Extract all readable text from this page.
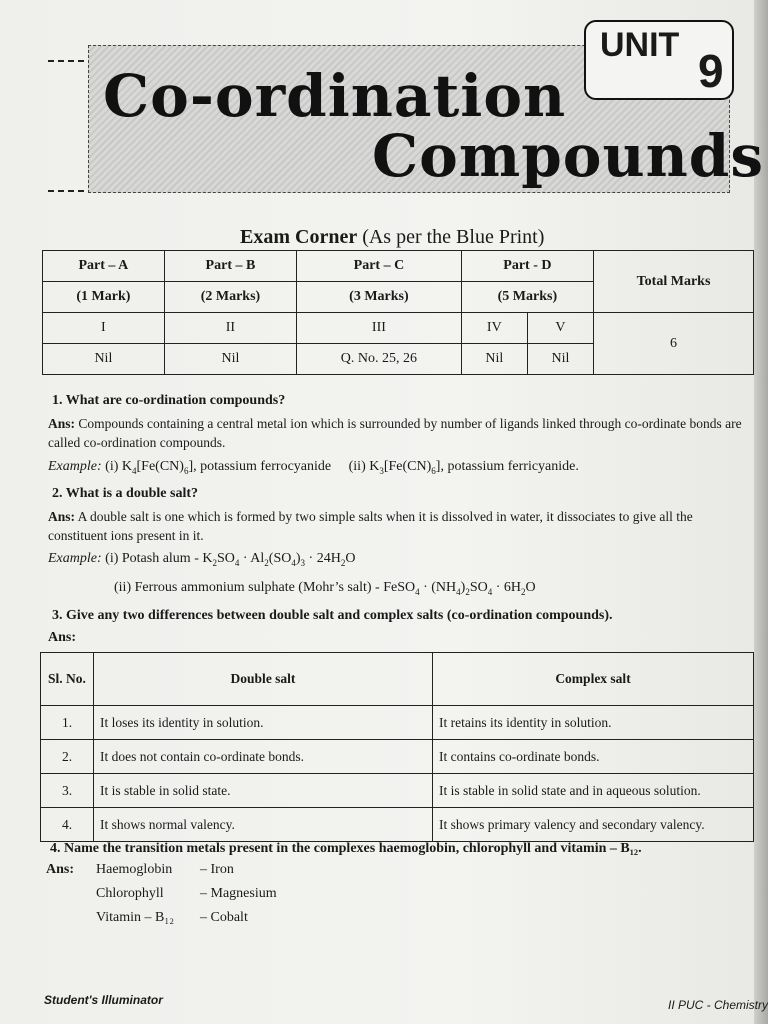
Co-ordination
Compounds
UNIT 9
Exam Corner (As per the Blue Print)
Part – A	Part – B	Part – C	Part - D		Total Marks
(1 Mark)	(2 Marks)	(3 Marks)	(5 Marks)		
I	II	III	IV	V	6
Nil	Nil	Q. No. 25, 26	Nil	Nil	
1. What are co-ordination compounds?
Ans: Compounds containing a central metal ion which is surrounded by number of ligands linked through co-ordinate bonds are called co-ordination compounds.
Example: (i) $K_4[Fe(CN)_6]$, potassium ferrocyanide (ii) $K_3[Fe(CN)_6]$, potassium ferricyanide.
2. What is a double salt?
Ans: A double salt is one which is formed by two simple salts when it is dissolved in water, it dissociates to give all the constituent ions present in it.
Example: (i) Potash alum - $K_2SO_4 \cdot Al_2(SO_4)_3 \cdot 24H_2O$
(ii) Ferrous ammonium sulphate (Mohr’s salt) - FeSO$_4$ · $(NH_4)_2SO_4 \cdot 6H_2O$
3. Give any two differences between double salt and complex salts (co-ordination compounds).
Ans:
Sl. No.	Double salt	Complex salt
1.	It loses its identity in solution.	It retains its identity in solution.
2.	It does not contain co-ordinate bonds.	It contains co-ordinate bonds.
3.	It is stable in solid state.	It is stable in solid state and in aqueous solution.
4.	It shows normal valency.	It shows primary valency and secondary valency.
4. Name the transition metals present in the complexes haemoglobin, chlorophyll and vitamin – B₁₂.
Ans: Haemoglobin – Iron
Chlorophyll	– Magnesium
Vitamin – B₁₂ – Cobalt
Student's Illuminator	II PUC - Chemistry
